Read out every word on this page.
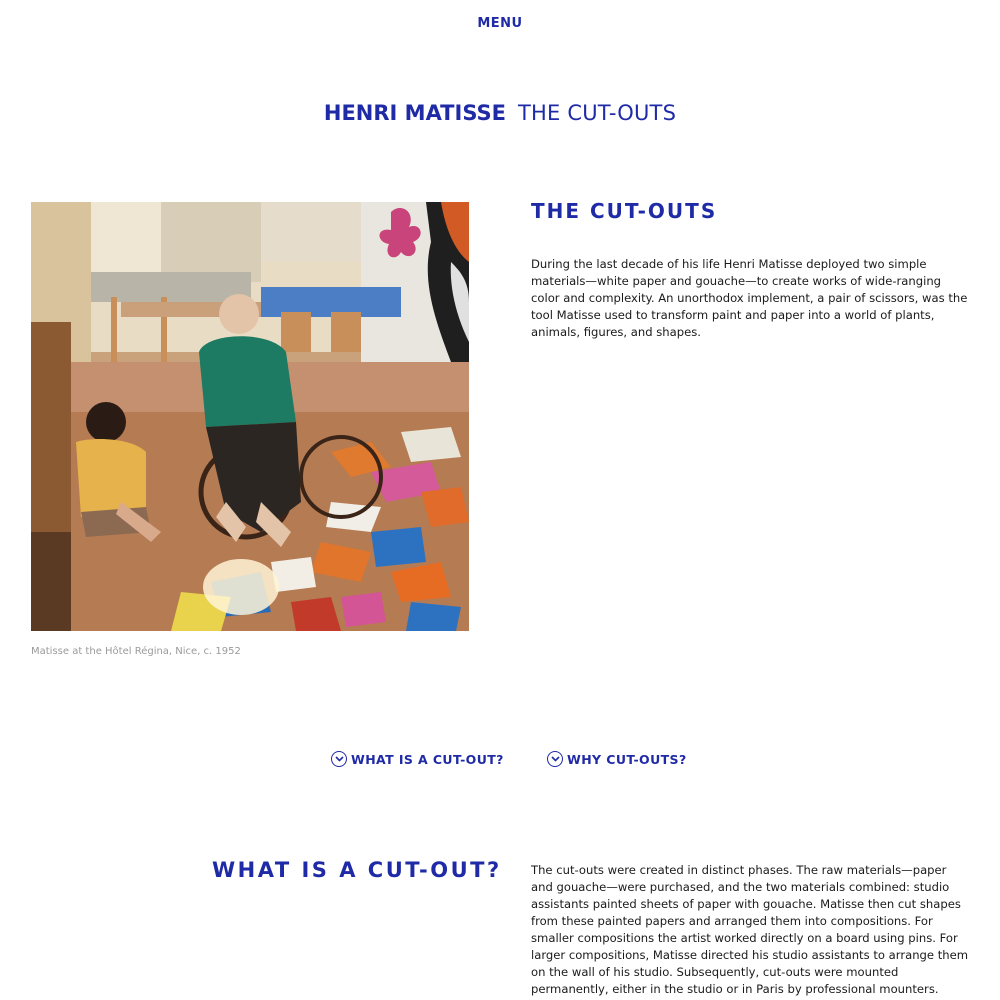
MENU
HENRI MATISSE THE CUT-OUTS
Matisse at the Hôtel Régina, Nice, c. 1952
THE CUT-OUTS

During the last decade of his life Henri Matisse deployed two simple materials—white paper and gouache—to create works of wide-ranging color and complexity. An unorthodox implement, a pair of scissors, was the tool Matisse used to transform paint and paper into a world of plants, animals, figures, and shapes.

WHAT IS A CUT-OUT?	WHY CUT-OUTS?
WHAT IS A CUT-OUT?	The cut-outs were created in distinct phases. The raw materials—paper and gouache—were purchased, and the two materials combined: studio assistants painted sheets of paper with gouache. Matisse then cut shapes from these painted papers and arranged them into compositions. For smaller compositions the artist worked directly on a board using pins. For larger compositions, Matisse directed his studio assistants to arrange them on the wall of his studio. Subsequently, cut-outs were mounted permanently, either in the studio or in Paris by professional mounters.
